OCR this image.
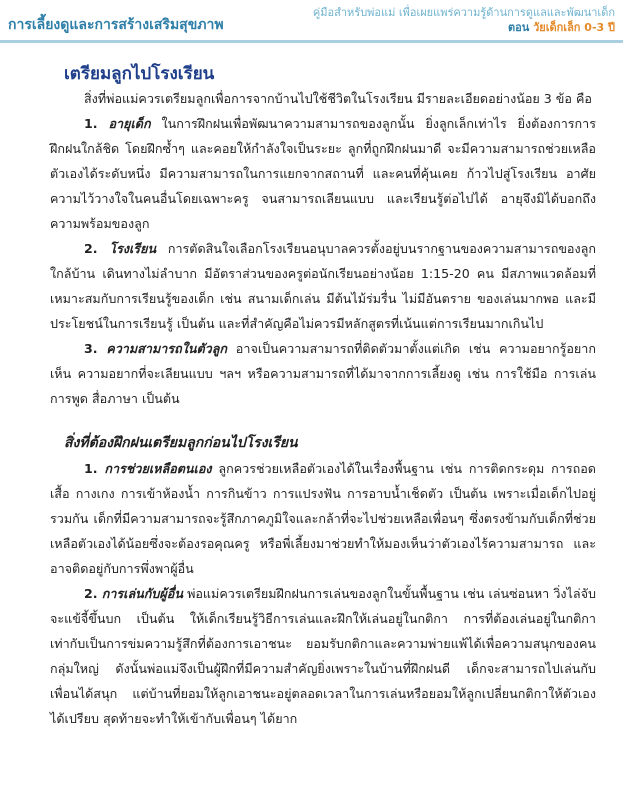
การเลี้ยงดูและการสร้างเสริมสุขภาพ
คู่มือสำหรับพ่อแม่ เพื่อเผยแพร่ความรู้ด้านการดูแลและพัฒนาเด็ก
ตอน วัยเด็กเล็ก 0-3 ปี
เตรียมลูกไปโรงเรียน

สิ่งที่พ่อแม่ควรเตรียมลูกเพื่อการจากบ้านไปใช้ชีวิตในโรงเรียน มีรายละเอียดอย่างน้อย 3 ข้อ คือ

1. อายุเด็ก ในการฝึกฝนเพื่อพัฒนาความสามารถของลูกนั้น ยิ่งลูกเล็กเท่าไร ยิ่งต้องการการฝึกฝนใกล้ชิด โดยฝึกซ้ำๆ และคอยให้กำลังใจเป็นระยะ ลูกที่ถูกฝึกฝนมาดี จะมีความสามารถช่วยเหลือตัวเองได้ระดับหนึ่ง มีความสามารถในการแยกจากสถานที่ และคนที่คุ้นเคย ก้าวไปสู่โรงเรียน อาศัยความไว้วางใจในคนอื่นโดยเฉพาะครู จนสามารถเลียนแบบ และเรียนรู้ต่อไปได้ อายุจึงมิได้บอกถึงความพร้อมของลูก

2. โรงเรียน การตัดสินใจเลือกโรงเรียนอนุบาลควรตั้งอยู่บนรากฐานของความสามารถของลูก ใกล้บ้าน เดินทางไม่ลำบาก มีอัตราส่วนของครูต่อนักเรียนอย่างน้อย 1:15-20 คน มีสภาพแวดล้อมที่เหมาะสมกับการเรียนรู้ของเด็ก เช่น สนามเด็กเล่น มีต้นไม้ร่มรื่น ไม่มีอันตราย ของเล่นมากพอ และมีประโยชน์ในการเรียนรู้ เป็นต้น และที่สำคัญคือไม่ควรมีหลักสูตรที่เน้นแต่การเรียนมากเกินไป

3. ความสามารถในตัวลูก อาจเป็นความสามารถที่ติดตัวมาตั้งแต่เกิด เช่น ความอยากรู้อยากเห็น ความอยากที่จะเลียนแบบ ฯลฯ หรือความสามารถที่ได้มาจากการเลี้ยงดู เช่น การใช้มือ การเล่น การพูด สื่อภาษา เป็นต้น

สิ่งที่ต้องฝึกฝนเตรียมลูกก่อนไปโรงเรียน

1. การช่วยเหลือตนเอง ลูกควรช่วยเหลือตัวเองได้ในเรื่องพื้นฐาน เช่น การติดกระดุม การถอดเสื้อ กางเกง การเข้าห้องน้ำ การกินข้าว การแปรงฟัน การอาบน้ำเช็ดตัว เป็นต้น เพราะเมื่อเด็กไปอยู่รวมกัน เด็กที่มีความสามารถจะรู้สึกภาคภูมิใจและกล้าที่จะไปช่วยเหลือเพื่อนๆ ซึ่งตรงข้ามกับเด็กที่ช่วยเหลือตัวเองได้น้อยซึ่งจะต้องรอคุณครู หรือพี่เลี้ยงมาช่วยทำให้มองเห็นว่าตัวเองไร้ความสามารถ และอาจติดอยู่กับการพึ่งพาผู้อื่น

2. การเล่นกับผู้อื่น พ่อแม่ควรเตรียมฝึกฝนการเล่นของลูกในขั้นพื้นฐาน เช่น เล่นซ่อนหา วิ่งไล่จับ จะแข้จี้ขึ้นบก เป็นต้น ให้เด็กเรียนรู้วิธีการเล่นและฝึกให้เล่นอยู่ในกติกา การที่ต้องเล่นอยู่ในกติกาเท่ากับเป็นการข่มความรู้สึกที่ต้องการเอาชนะ ยอมรับกติกาและความพ่ายแพ้ได้เพื่อความสนุกของคนกลุ่มใหญ่ ดังนั้นพ่อแม่จึงเป็นผู้ฝึกที่มีความสำคัญยิ่งเพราะในบ้านที่ฝึกฝนดี เด็กจะสามารถไปเล่นกับเพื่อนได้สนุก แต่บ้านที่ยอมให้ลูกเอาชนะอยู่ตลอดเวลาในการเล่นหรือยอมให้ลูกเปลี่ยนกติกาให้ตัวเองได้เปรียบ สุดท้ายจะทำให้เข้ากับเพื่อนๆ ได้ยาก
